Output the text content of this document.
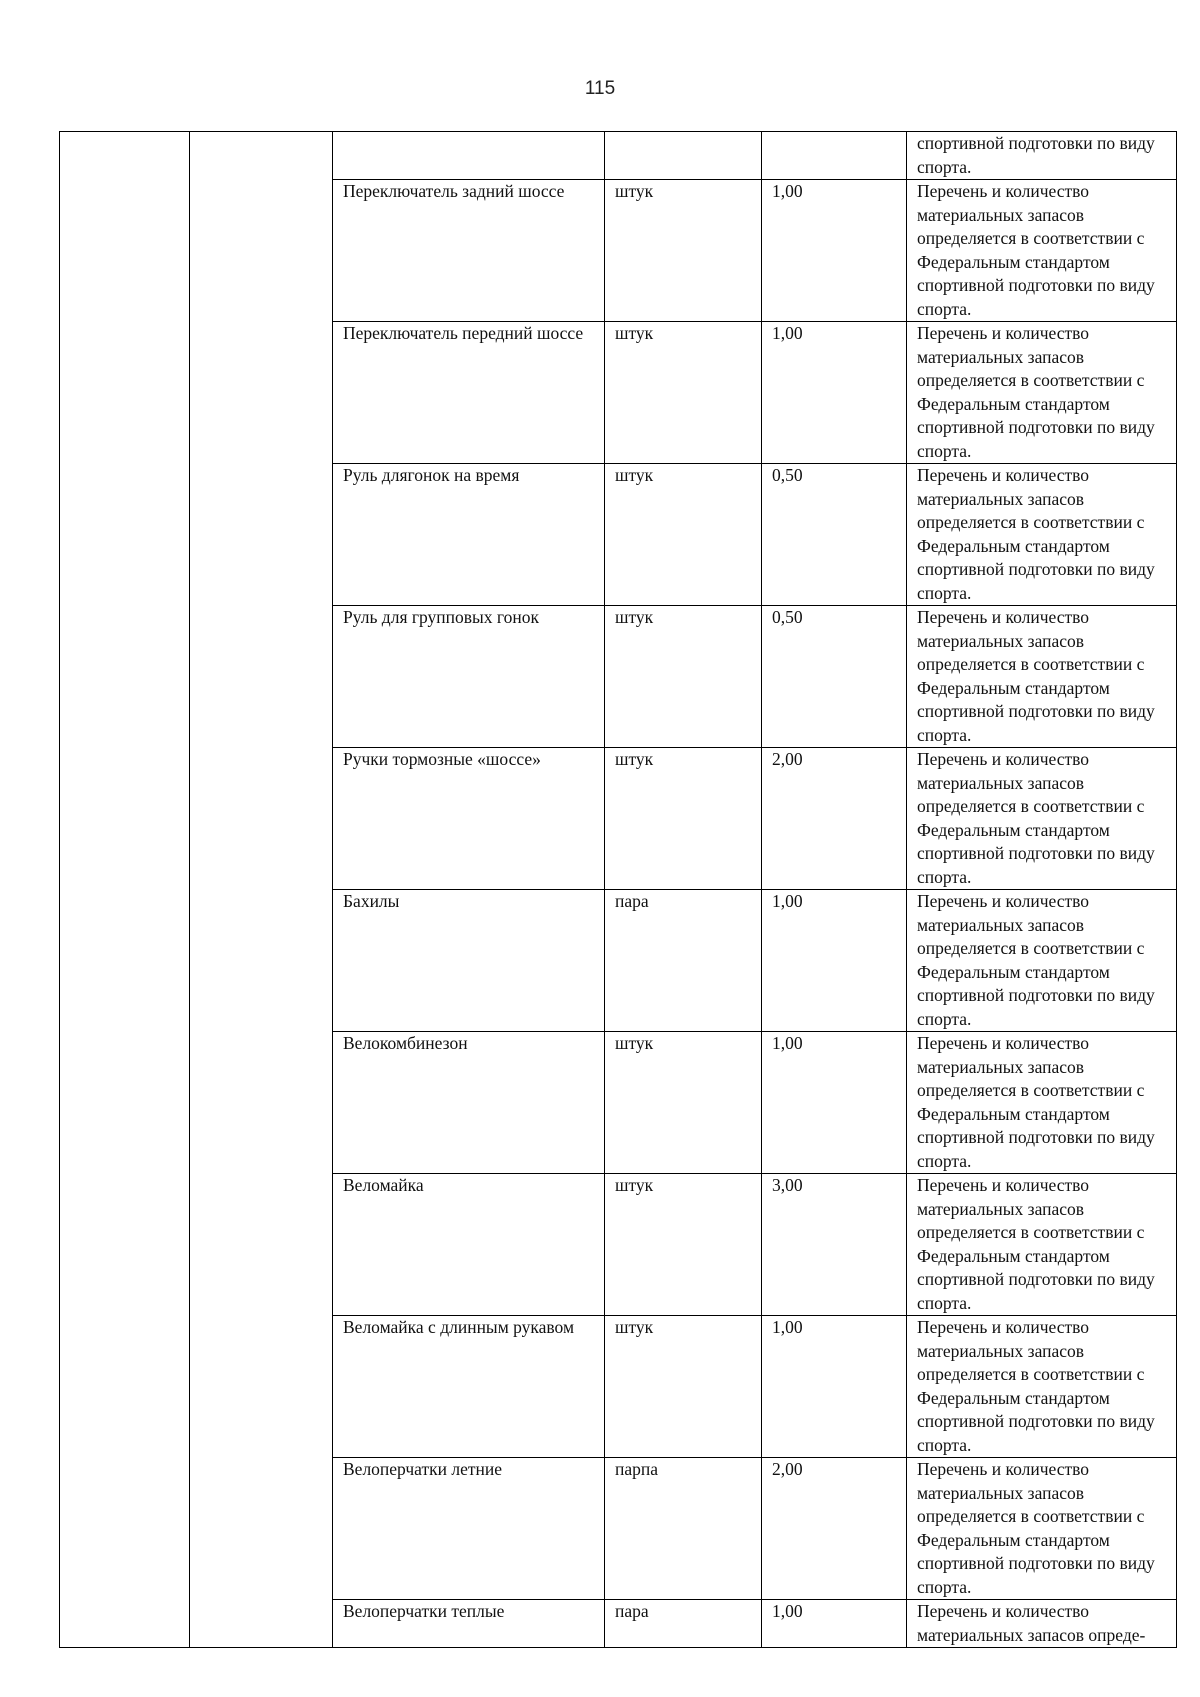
115
					спортивной подготовки по виду спорта.
		Переключатель задний шоссе	штук	1,00	Перечень и количество материальных запасов определяется в соответствии с Федеральным стандартом спортивной подготовки по виду спорта.
		Переключатель передний шоссе	штук	1,00	Перечень и количество материальных запасов определяется в соответствии с Федеральным стандартом спортивной подготовки по виду спорта.
		Руль длягонок на время	штук	0,50	Перечень и количество материальных запасов определяется в соответствии с Федеральным стандартом спортивной подготовки по виду спорта.
		Руль для групповых гонок	штук	0,50	Перечень и количество материальных запасов определяется в соответствии с Федеральным стандартом спортивной подготовки по виду спорта.
		Ручки тормозные «шоссе»	штук	2,00	Перечень и количество материальных запасов определяется в соответствии с Федеральным стандартом спортивной подготовки по виду спорта.
		Бахилы	пара	1,00	Перечень и количество материальных запасов определяется в соответствии с Федеральным стандартом спортивной подготовки по виду спорта.
		Велокомбинезон	штук	1,00	Перечень и количество материальных запасов определяется в соответствии с Федеральным стандартом спортивной подготовки по виду спорта.
		Веломайка	штук	3,00	Перечень и количество материальных запасов определяется в соответствии с Федеральным стандартом спортивной подготовки по виду спорта.
		Веломайка с длинным рукавом	штук	1,00	Перечень и количество материальных запасов определяется в соответствии с Федеральным стандартом спортивной подготовки по виду спорта.
		Велоперчатки летние	парпа	2,00	Перечень и количество материальных запасов определяется в соответствии с Федеральным стандартом спортивной подготовки по виду спорта.
		Велоперчатки теплые	пара	1,00	Перечень и количество материальных запасов опреде-
